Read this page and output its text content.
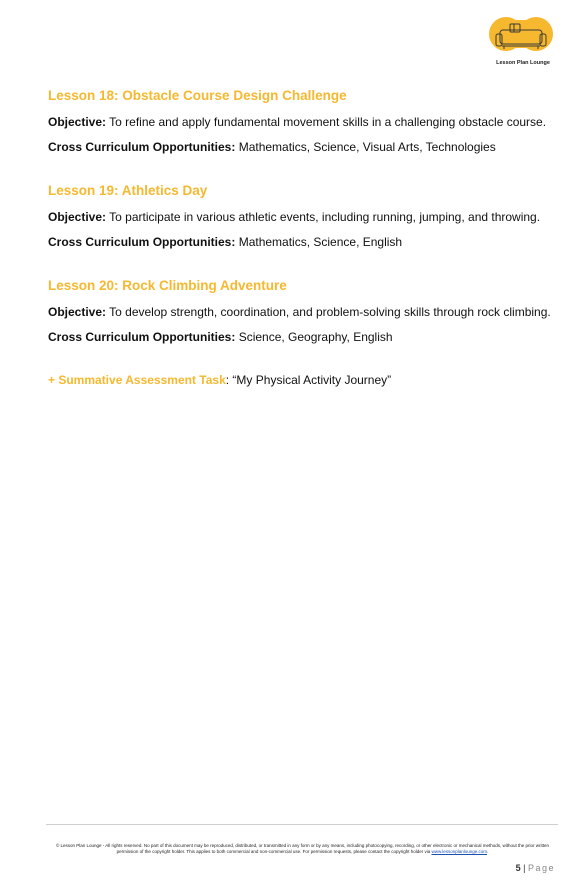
Lesson Plan Lounge
Lesson 18: Obstacle Course Design Challenge

Objective: To refine and apply fundamental movement skills in a challenging obstacle course.

Cross Curriculum Opportunities: Mathematics, Science, Visual Arts, Technologies

Lesson 19: Athletics Day

Objective: To participate in various athletic events, including running, jumping, and throwing.

Cross Curriculum Opportunities: Mathematics, Science, English

Lesson 20: Rock Climbing Adventure

Objective: To develop strength, coordination, and problem-solving skills through rock climbing.

Cross Curriculum Opportunities: Science, Geography, English

+ Summative Assessment Task: “My Physical Activity Journey”
© Lesson Plan Lounge - All rights reserved. No part of this document may be reproduced, distributed, or transmitted in any form or by any means, including photocopying, recording, or other electronic or mechanical methods, without the prior written permission of the copyright holder. This applies to both commercial and non-commercial use. For permission requests, please contact the copyright holder via www.lessonplanlounge.com.
5 | Page
